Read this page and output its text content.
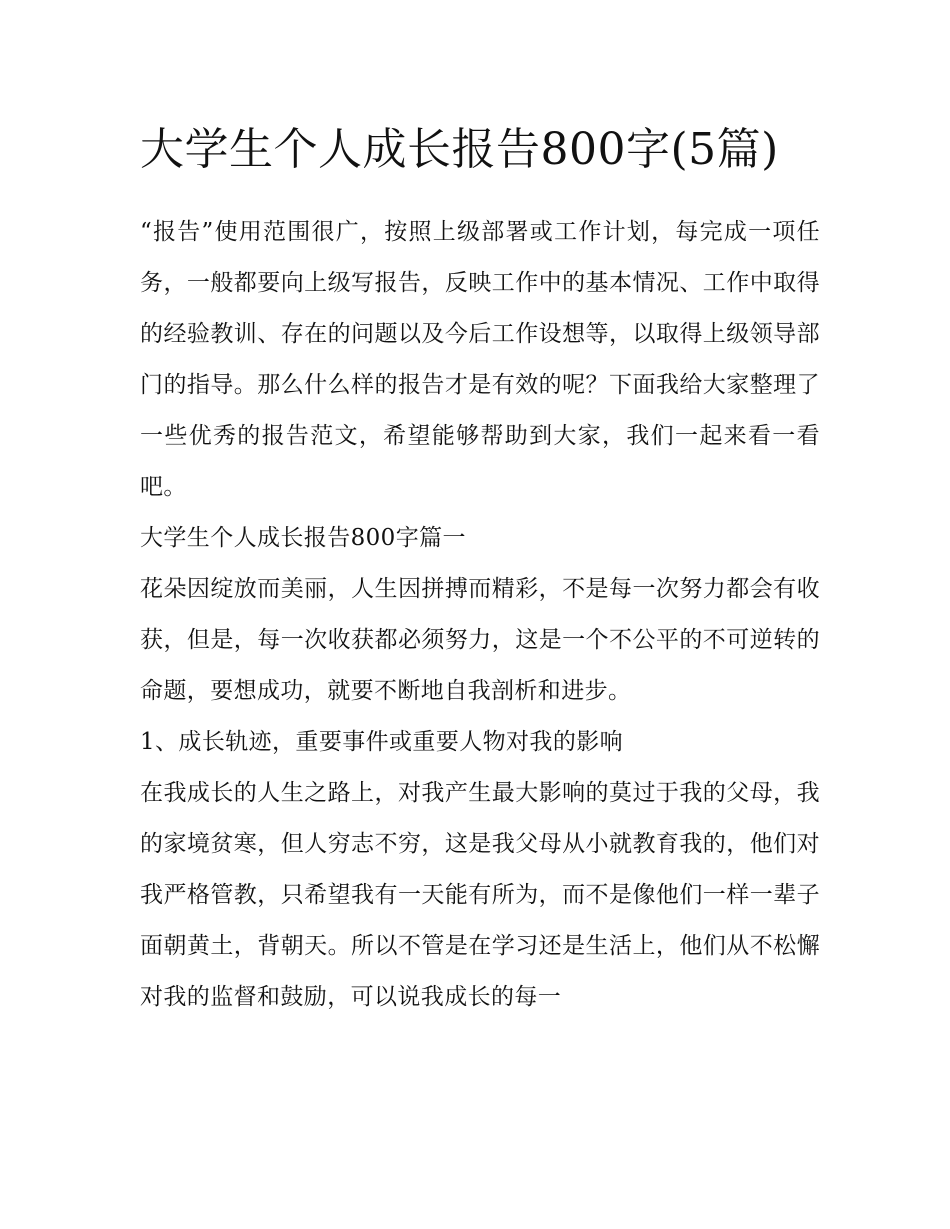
大学生个人成长报告800字(5篇)

“报告”使用范围很广，按照上级部署或工作计划，每完成一项任务，一般都要向上级写报告，反映工作中的基本情况、工作中取得的经验教训、存在的问题以及今后工作设想等，以取得上级领导部门的指导。那么什么样的报告才是有效的呢？下面我给大家整理了一些优秀的报告范文，希望能够帮助到大家，我们一起来看一看吧。

大学生个人成长报告800字篇一

花朵因绽放而美丽，人生因拼搏而精彩，不是每一次努力都会有收获，但是，每一次收获都必须努力，这是一个不公平的不可逆转的命题，要想成功，就要不断地自我剖析和进步。

1、成长轨迹，重要事件或重要人物对我的影响

在我成长的人生之路上，对我产生最大影响的莫过于我的父母，我的家境贫寒，但人穷志不穷，这是我父母从小就教育我的，他们对我严格管教，只希望我有一天能有所为，而不是像他们一样一辈子面朝黄土，背朝天。所以不管是在学习还是生活上，他们从不松懈对我的监督和鼓励，可以说我成长的每一
